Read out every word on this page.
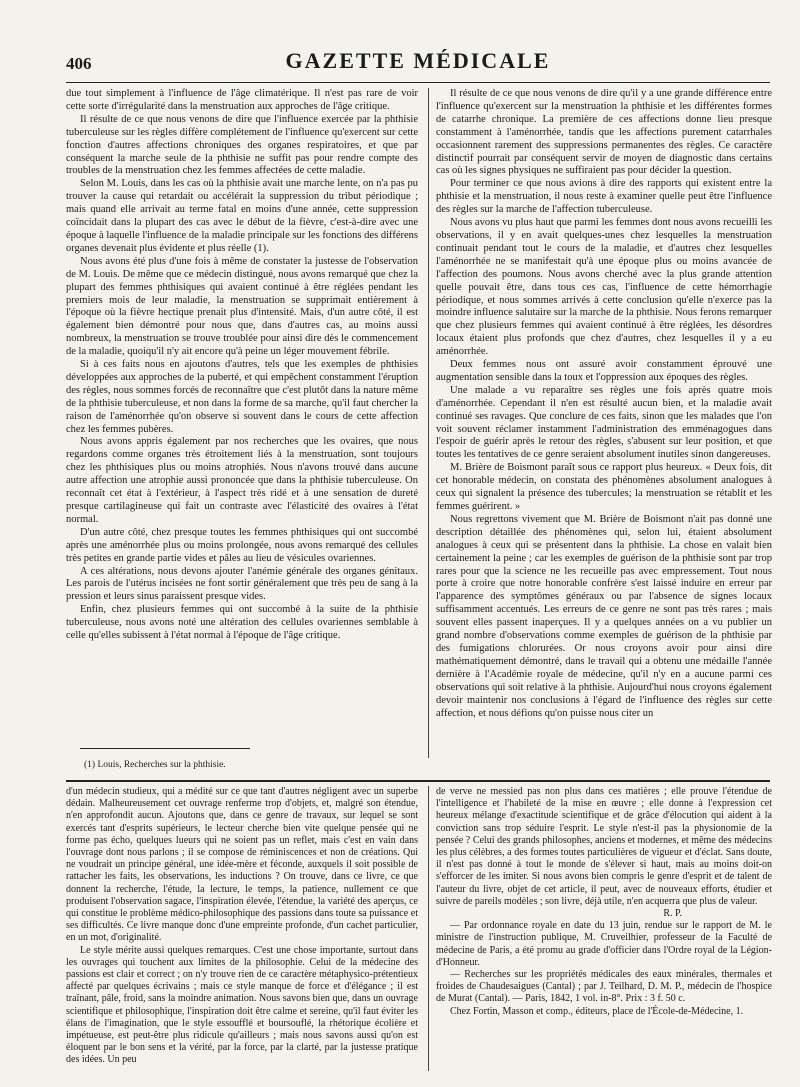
406	GAZETTE MÉDICALE

due tout simplement à l'influence de l'âge climatérique. Il n'est pas rare de voir cette sorte d'irrégularité dans la menstruation aux approches de l'âge critique.

Il résulte de ce que nous venons de dire que l'influence exercée par la phthisie tuberculeuse sur les règles diffère complétement de l'influence qu'exercent sur cette fonction d'autres affections chroniques des organes respiratoires, et que par conséquent la marche seule de la phthisie ne suffit pas pour rendre compte des troubles de la menstruation chez les femmes affectées de cette maladie.

Selon M. Louis, dans les cas où la phthisie avait une marche lente, on n'a pas pu trouver la cause qui retardait ou accélérait la suppression du tribut périodique ; mais quand elle arrivait au terme fatal en moins d'une année, cette suppression coïncidait dans la plupart des cas avec le début de la fièvre, c'est-à-dire avec une époque à laquelle l'influence de la maladie principale sur les fonctions des différens organes devenait plus évidente et plus réelle (1).

Nous avons été plus d'une fois à même de constater la justesse de l'observation de M. Louis. De même que ce médecin distingué, nous avons remarqué que chez la plupart des femmes phthisiques qui avaient continué à être réglées pendant les premiers mois de leur maladie, la menstruation se supprimait entièrement à l'époque où la fièvre hectique prenait plus d'intensité. Mais, d'un autre côté, il est également bien démontré pour nous que, dans d'autres cas, au moins aussi nombreux, la menstruation se trouve troublée pour ainsi dire dès le commencement de la maladie, quoiqu'il n'y ait encore qu'à peine un léger mouvement fébrile.

Si à ces faits nous en ajoutons d'autres, tels que les exemples de phthisies développées aux approches de la puberté, et qui empêchent constamment l'éruption des règles, nous sommes forcés de reconnaître que c'est plutôt dans la nature même de la phthisie tuberculeuse, et non dans la forme de sa marche, qu'il faut chercher la raison de l'aménorrhée qu'on observe si souvent dans le cours de cette affection chez les femmes pubères.

Nous avons appris également par nos recherches que les ovaires, que nous regardons comme organes très étroitement liés à la menstruation, sont toujours chez les phthisiques plus ou moins atrophiés. Nous n'avons trouvé dans aucune autre affection une atrophie aussi prononcée que dans la phthisie tuberculeuse. On reconnaît cet état à l'extérieur, à l'aspect très ridé et à une sensation de dureté presque cartilagineuse qui fait un contraste avec l'élasticité des ovaires à l'état normal.

D'un autre côté, chez presque toutes les femmes phthisiques qui ont succombé après une aménorrhée plus ou moins prolongée, nous avons remarqué des cellules très petites en grande partie vides et pâles au lieu de vésicules ovariennes.

A ces altérations, nous devons ajouter l'anémie générale des organes génitaux. Les parois de l'utérus incisées ne font sortir généralement que très peu de sang à la pression et leurs sinus paraissent presque vides.

Enfin, chez plusieurs femmes qui ont succombé à la suite de la phthisie tuberculeuse, nous avons noté une altération des cellules ovariennes semblable à celle qu'elles subissent à l'état normal à l'époque de l'âge critique.

(1) Louis, Recherches sur la phthisie.

Il résulte de ce que nous venons de dire qu'il y a une grande différence entre l'influence qu'exercent sur la menstruation la phthisie et les différentes formes de catarrhe chronique. La première de ces affections donne lieu presque constamment à l'aménorrhée, tandis que les affections purement catarrhales occasionnent rarement des suppressions permanentes des règles. Ce caractère distinctif pourrait par conséquent servir de moyen de diagnostic dans certains cas où les signes physiques ne suffiraient pas pour décider la question.

Pour terminer ce que nous avions à dire des rapports qui existent entre la phthisie et la menstruation, il nous reste à examiner quelle peut être l'influence des règles sur la marche de l'affection tuberculeuse.

Nous avons vu plus haut que parmi les femmes dont nous avons recueilli les observations, il y en avait quelques-unes chez lesquelles la menstruation continuait pendant tout le cours de la maladie, et d'autres chez lesquelles l'aménorrhée ne se manifestait qu'à une époque plus ou moins avancée de l'affection des poumons. Nous avons cherché avec la plus grande attention quelle pouvait être, dans tous ces cas, l'influence de cette hémorrhagie périodique, et nous sommes arrivés à cette conclusion qu'elle n'exerce pas la moindre influence salutaire sur la marche de la phthisie. Nous ferons remarquer que chez plusieurs femmes qui avaient continué à être réglées, les désordres locaux étaient plus profonds que chez d'autres, chez lesquelles il y a eu aménorrhée.

Deux femmes nous ont assuré avoir constamment éprouvé une augmentation sensible dans la toux et l'oppression aux époques des règles.

Une malade a vu reparaître ses règles une fois après quatre mois d'aménorrhée. Cependant il n'en est résulté aucun bien, et la maladie avait continué ses ravages. Que conclure de ces faits, sinon que les malades que l'on voit souvent réclamer instamment l'administration des emménagogues dans l'espoir de guérir après le retour des règles, s'abusent sur leur position, et que toutes les tentatives de ce genre seraient absolument inutiles sinon dangereuses.

M. Brière de Boismont paraît sous ce rapport plus heureux. « Deux fois, dit cet honorable médecin, on constata des phénomènes absolument analogues à ceux qui signalent la présence des tubercules; la menstruation se rétablit et les femmes guérirent. »

Nous regrettons vivement que M. Brière de Boismont n'ait pas donné une description détaillée des phénomènes qui, selon lui, étaient absolument analogues à ceux qui se présentent dans la phthisie. La chose en valait bien certainement la peine ; car les exemples de guérison de la phthisie sont par trop rares pour que la science ne les recueille pas avec empressement. Tout nous porte à croire que notre honorable confrère s'est laissé induire en erreur par l'apparence des symptômes généraux ou par l'absence de signes locaux suffisamment accentués. Les erreurs de ce genre ne sont pas très rares ; mais souvent elles passent inaperçues. Il y a quelques années on a vu publier un grand nombre d'observations comme exemples de guérison de la phthisie par des fumigations chlorurées. Or nous croyons avoir pour ainsi dire mathématiquement démontré, dans le travail qui a obtenu une médaille l'année dernière à l'Académie royale de médecine, qu'il n'y en a aucune parmi ces observations qui soit relative à la phthisie. Aujourd'hui nous croyons également devoir maintenir nos conclusions à l'égard de l'influence des règles sur cette affection, et nous défions qu'on puisse nous citer un

d'un médecin studieux, qui a médité sur ce que tant d'autres négligent avec un superbe dédain. Malheureusement cet ouvrage renferme trop d'objets, et, malgré son étendue, n'en approfondit aucun. Ajoutons que, dans ce genre de travaux, sur lequel se sont exercés tant d'esprits supérieurs, le lecteur cherche bien vite quelque pensée qui ne forme pas écho, quelques lueurs qui ne soient pas un reflet, mais c'est en vain dans l'ouvrage dont nous parlons ; il se compose de réminiscences et non de créations. Qui ne voudrait un principe général, une idée-mère et féconde, auxquels il soit possible de rattacher les faits, les observations, les inductions ? On trouve, dans ce livre, ce que donnent la recherche, l'étude, la lecture, le temps, la patience, nullement ce que produisent l'observation sagace, l'inspiration élevée, l'étendue, la variété des aperçus, ce qui constitue le problème médico-philosophique des passions dans toute sa puissance et ses difficultés. Ce livre manque donc d'une empreinte profonde, d'un cachet particulier, en un mot, d'originalité.

Le style mérite aussi quelques remarques. C'est une chose importante, surtout dans les ouvrages qui touchent aux limites de la philosophie. Celui de la médecine des passions est clair et correct ; on n'y trouve rien de ce caractère métaphysico-prétentieux affecté par quelques écrivains ; mais ce style manque de force et d'élégance ; il est traînant, pâle, froid, sans la moindre animation. Nous savons bien que, dans un ouvrage scientifique et philosophique, l'inspiration doit être calme et sereine, qu'il faut éviter les élans de l'imagination, que le style essoufflé et boursouflé, la rhétorique écolière et impétueuse, est peut-être plus ridicule qu'ailleurs ; mais nous savons aussi qu'on est éloquent par le bon sens et la vérité, par la force, par la clarté, par la justesse pratique des idées. Un peu

de verve ne messied pas non plus dans ces matières ; elle prouve l'étendue de l'intelligence et l'habileté de la mise en œuvre ; elle donne à l'expression cet heureux mélange d'exactitude scientifique et de grâce d'élocution qui aident à la conviction sans trop séduire l'esprit. Le style n'est-il pas la physionomie de la pensée ? Celui des grands philosophes, anciens et modernes, et même des médecins les plus célèbres, a des formes toutes particulières de vigueur et d'éclat. Sans doute, il n'est pas donné à tout le monde de s'élever si haut, mais au moins doit-on s'efforcer de les imiter. Si nous avons bien compris le genre d'esprit et de talent de l'auteur du livre, objet de cet article, il peut, avec de nouveaux efforts, étudier et suivre de pareils modèles ; son livre, déjà utile, n'en acquerra que plus de valeur.

R. P.

— Par ordonnance royale en date du 13 juin, rendue sur le rapport de M. le ministre de l'instruction publique, M. Cruveilhier, professeur de la Faculté de médecine de Paris, a été promu au grade d'officier dans l'Ordre royal de la Légion-d'Honneur.

— Recherches sur les propriétés médicales des eaux minérales, thermales et froides de Chaudesaigues (Cantal) ; par J. Teilhard, D. M. P., médecin de l'hospice de Murat (Cantal). — Paris, 1842, 1 vol. in-8°. Prix : 3 f. 50 c.

Chez Fortin, Masson et comp., éditeurs, place de l'École-de-Médecine, 1.
